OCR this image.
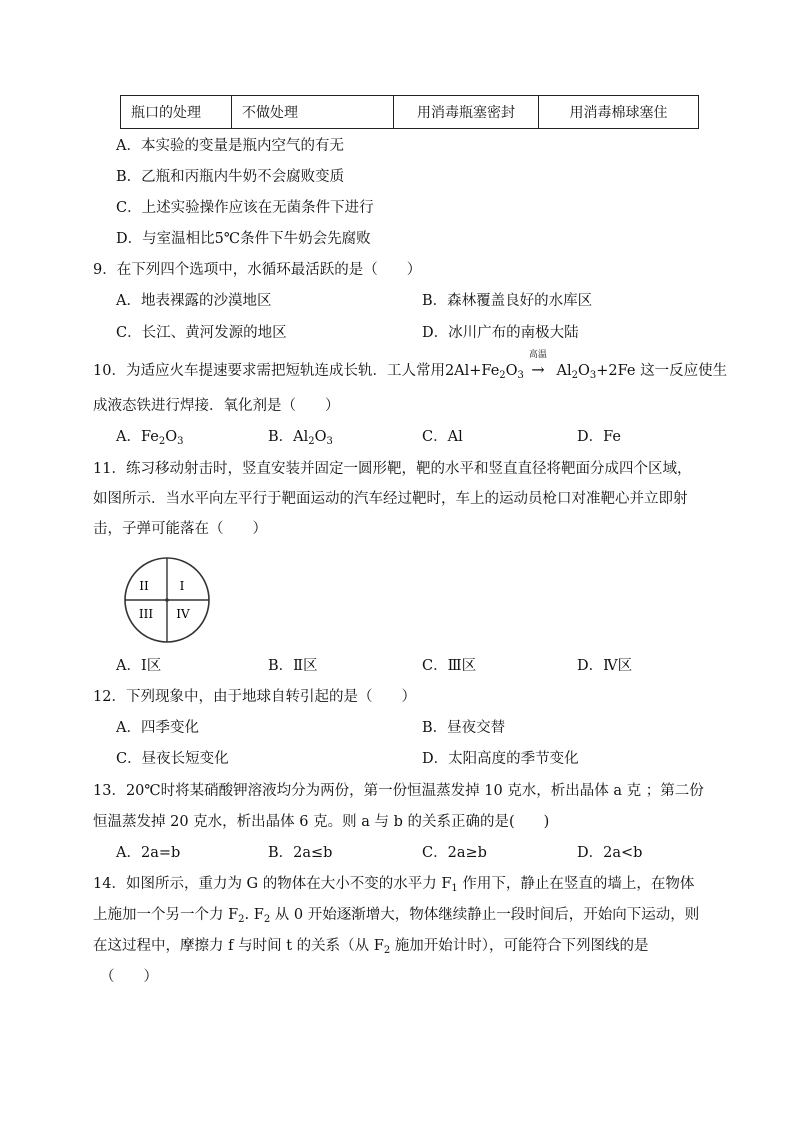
瓶口的处理	不做处理	用消毒瓶塞密封	用消毒棉球塞住
A．本实验的变量是瓶内空气的有无
B．乙瓶和丙瓶内牛奶不会腐败变质
C．上述实验操作应该在无菌条件下进行
D．与室温相比5℃条件下牛奶会先腐败
9．在下列四个选项中，水循环最活跃的是（　　）
A．地表裸露的沙漠地区	B．森林覆盖良好的水库区
C．长江、黄河发源的地区	D．冰川广布的南极大陆
10．为适应火车提速要求需把短轨连成长轨．工人常用$2Al+Fe_2O_3$
高温
→ $Al_2O_3+2Fe$ 这一反应使生
成液态铁进行焊接．氧化剂是（　　）
A．$Fe_2O_3$	B．$Al_2O_3$	C．Al	D．Fe
11．练习移动射击时，竖直安装并固定一圆形靶，靶的水平和竖直直径将靶面分成四个区域，
如图所示．当水平向左平行于靶面运动的汽车经过靶时，车上的运动员枪口对准靶心并立即射
击，子弹可能落在（　　）
II	I
III IV
A．Ⅰ区	B．Ⅱ区	C．Ⅲ区	D．Ⅳ区
12．下列现象中，由于地球自转引起的是（　　）
A．四季变化	B．昼夜交替
C．昼夜长短变化	D．太阳高度的季节变化
13．20℃时将某硝酸钾溶液均分为两份，第一份恒温蒸发掉 10 克水，析出晶体 a 克 ；第二份
恒温蒸发掉 20 克水，析出晶体 6 克。则 a 与 b 的关系正确的是(　　)
A．2a=b	B．2a≤b	C．2a≥b	D．2a<b
14．如图所示，重力为 G 的物体在大小不变的水平力 $F_1$ 作用下，静止在竖直的墙上，在物体
上施加一个另一个力 $F_2$. $F_2$ 从 0 开始逐渐增大，物体继续静止一段时间后，开始向下运动，则
在这过程中，摩擦力 f 与时间 t 的关系（从 $F_2$ 施加开始计时），可能符合下列图线的是
（　　）
